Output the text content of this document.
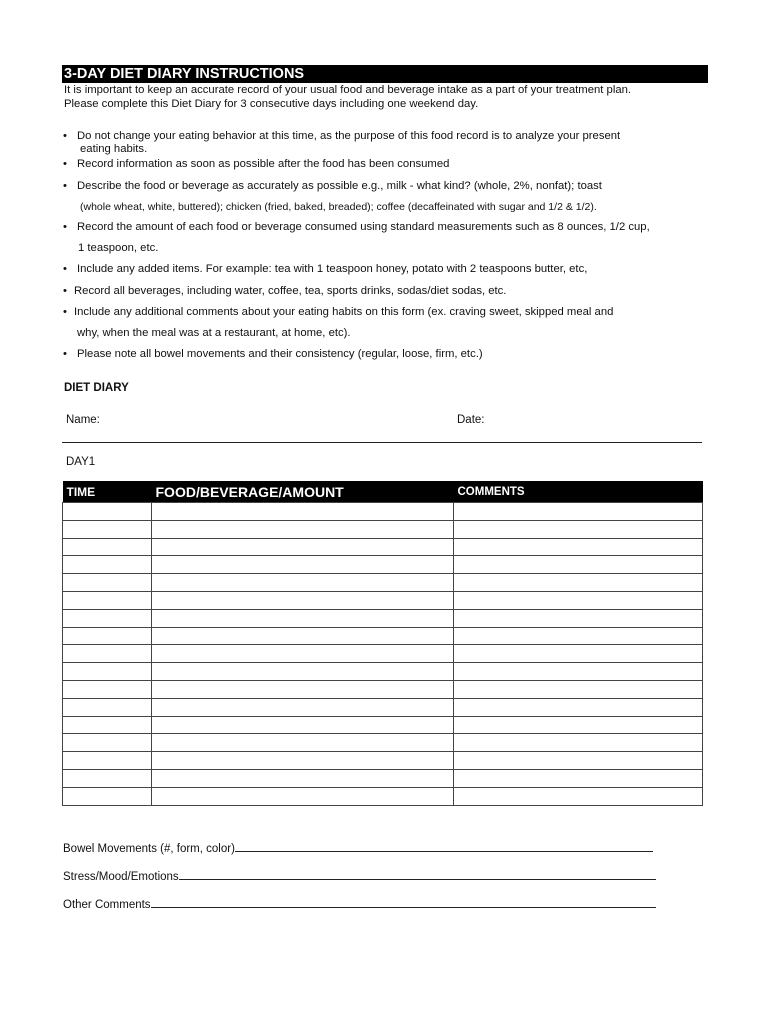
3-DAY DIET DIARY INSTRUCTIONS
It is important to keep an accurate record of your usual food and beverage intake as a part of your treatment plan.
Please complete this Diet Diary for 3 consecutive days including one weekend day.
• Do not change your eating behavior at this time, as the purpose of this food record is to analyze your present
eating habits.
• Record information as soon as possible after the food has been consumed
• Describe the food or beverage as accurately as possible e.g., milk - what kind? (whole, 2%, nonfat); toast
(whole wheat, white, buttered); chicken (fried, baked, breaded); coffee (decaffeinated with sugar and 1/2 & 1/2).
• Record the amount of each food or beverage consumed using standard measurements such as 8 ounces, 1/2 cup,
1 teaspoon, etc.
• Include any added items. For example: tea with 1 teaspoon honey, potato with 2 teaspoons butter, etc,
• Record all beverages, including water, coffee, tea, sports drinks, sodas/diet sodas, etc.
• Include any additional comments about your eating habits on this form (ex. craving sweet, skipped meal and
why, when the meal was at a restaurant, at home, etc).
• Please note all bowel movements and their consistency (regular, loose, firm, etc.)
DIET DIARY
Name:	Date:
DAY1
TIME	FOOD/BEVERAGE/AMOUNT	COMMENTS

Bowel Movements (#, form, color)
Stress/Mood/Emotions
Other Comments
